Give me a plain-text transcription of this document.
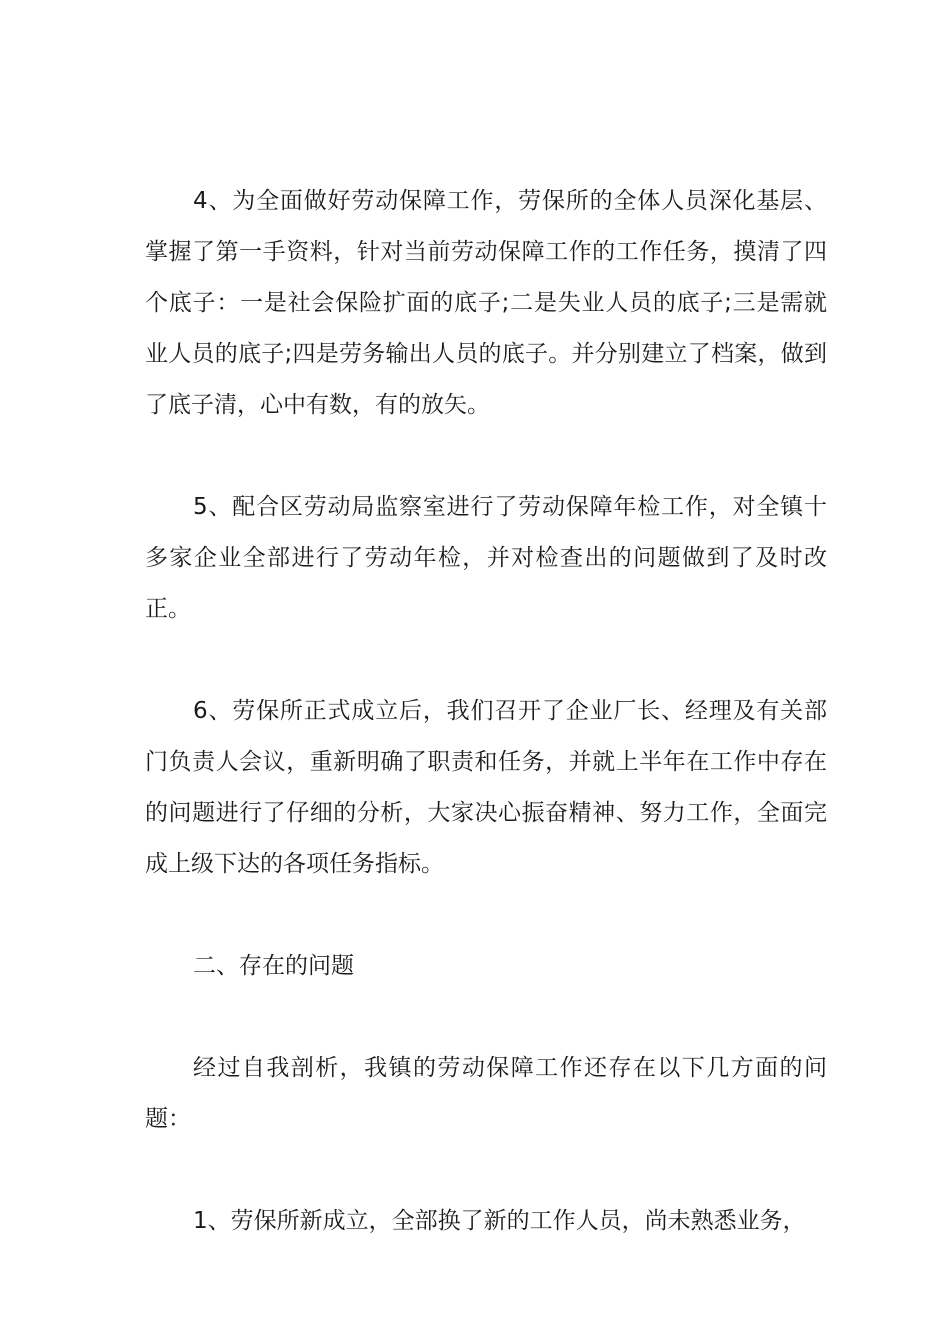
4、为全面做好劳动保障工作，劳保所的全体人员深化基层、掌握了第一手资料，针对当前劳动保障工作的工作任务，摸清了四个底子：一是社会保险扩面的底子;二是失业人员的底子;三是需就业人员的底子;四是劳务输出人员的底子。并分别建立了档案，做到了底子清，心中有数，有的放矢。

5、配合区劳动局监察室进行了劳动保障年检工作，对全镇十多家企业全部进行了劳动年检，并对检查出的问题做到了及时改正。

6、劳保所正式成立后，我们召开了企业厂长、经理及有关部门负责人会议，重新明确了职责和任务，并就上半年在工作中存在的问题进行了仔细的分析，大家决心振奋精神、努力工作，全面完成上级下达的各项任务指标。

二、存在的问题

经过自我剖析，我镇的劳动保障工作还存在以下几方面的问题：

1、劳保所新成立，全部换了新的工作人员，尚未熟悉业务，
